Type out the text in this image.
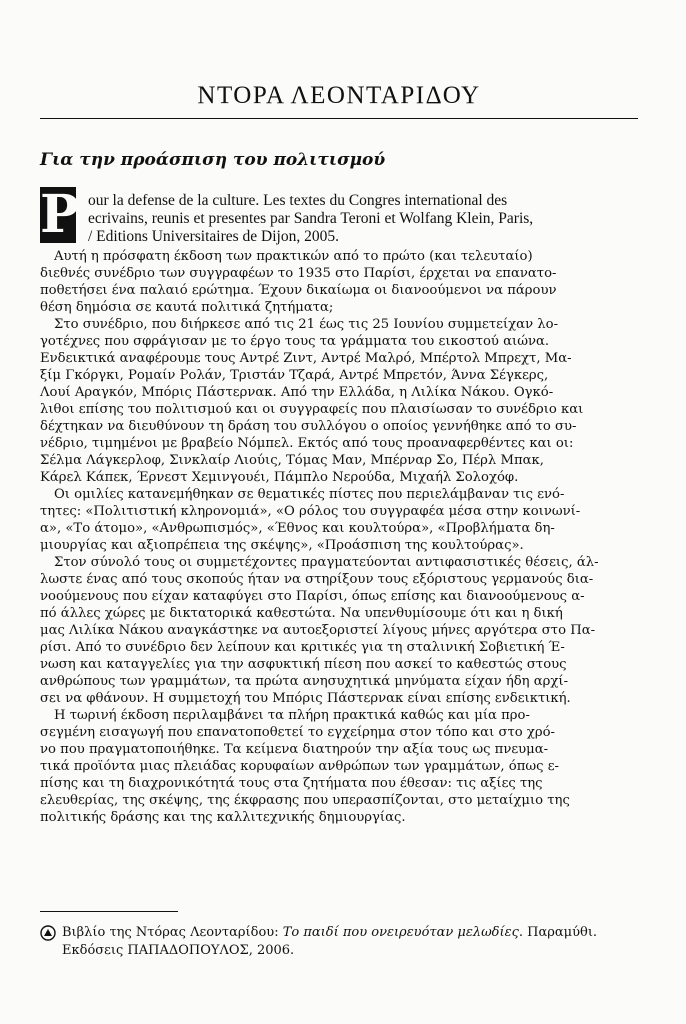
ΝΤΟΡΑ ΛΕΟΝΤΑΡΙΔΟΥ
Για την προάσπιση του πολιτισμού
P our la defense de la culture. Les textes du Congres international des
ecrivains, reunis et presentes par Sandra Teroni et Wolfang Klein, Paris,
/ Editions Universitaires de Dijon, 2005.
Αυτή η πρόσφατη έκδοση των πρακτικών από το πρώτο (και τελευταίο)
διεθνές συνέδριο των συγγραφέων το 1935 στο Παρίσι, έρχεται να επανατο-
ποθετήσει ένα παλαιό ερώτημα. Έχουν δικαίωμα οι διανοούμενοι να πάρουν
θέση δημόσια σε καυτά πολιτικά ζητήματα;
Στο συνέδριο, που διήρκεσε από τις 21 έως τις 25 Ιουνίου συμμετείχαν λο-
γοτέχνες που σφράγισαν με το έργο τους τα γράμματα του εικοστού αιώνα.
Ενδεικτικά αναφέρουμε τους Αντρέ Ζιντ, Αντρέ Μαλρό, Μπέρτολ Μπρεχτ, Μα-
ξίμ Γκόργκι, Ρομαίν Ρολάν, Τριστάν Τζαρά, Αντρέ Μπρετόν, Άννα Σέγκερς,
Λουί Αραγκόν, Μπόρις Πάστερνακ. Από την Ελλάδα, η Λιλίκα Νάκου. Ογκό-
λιθοι επίσης του πολιτισμού και οι συγγραφείς που πλαισίωσαν το συνέδριο και
δέχτηκαν να διευθύνουν τη δράση του συλλόγου ο οποίος γεννήθηκε από το συ-
νέδριο, τιμημένοι με βραβείο Νόμπελ. Εκτός από τους προαναφερθέντες και οι:
Σέλμα Λάγκερλοφ, Σινκλαίρ Λιούις, Τόμας Μαν, Μπέρναρ Σο, Πέρλ Μπακ,
Κάρελ Κάπεκ, Έρνεστ Χεμινγουέι, Πάμπλο Νερούδα, Μιχαήλ Σολοχόφ.
Οι ομιλίες κατανεμήθηκαν σε θεματικές πίστες που περιελάμβαναν τις ενό-
τητες: «Πολιτιστική κληρονομιά», «Ο ρόλος του συγγραφέα μέσα στην κοινωνί-
α», «Το άτομο», «Ανθρωπισμός», «Έθνος και κουλτούρα», «Προβλήματα δη-
μιουργίας και αξιοπρέπεια της σκέψης», «Προάσπιση της κουλτούρας».
Στον σύνολό τους οι συμμετέχοντες πραγματεύονται αντιφασιστικές θέσεις, άλ-
λωστε ένας από τους σκοπούς ήταν να στηρίξουν τους εξόριστους γερμανούς δια-
νοούμενους που είχαν καταφύγει στο Παρίσι, όπως επίσης και διανοούμενους α-
πό άλλες χώρες με δικτατορικά καθεστώτα. Να υπενθυμίσουμε ότι και η δική
μας Λιλίκα Νάκου αναγκάστηκε να αυτοεξοριστεί λίγους μήνες αργότερα στο Πα-
ρίσι. Από το συνέδριο δεν λείπουν και κριτικές για τη σταλινική Σοβιετική Έ-
νωση και καταγγελίες για την ασφυκτική πίεση που ασκεί το καθεστώς στους
ανθρώπους των γραμμάτων, τα πρώτα ανησυχητικά μηνύματα είχαν ήδη αρχί-
σει να φθάνουν. Η συμμετοχή του Μπόρις Πάστερνακ είναι επίσης ενδεικτική.
Η τωρινή έκδοση περιλαμβάνει τα πλήρη πρακτικά καθώς και μία προ-
σεγμένη εισαγωγή που επανατοποθετεί το εγχείρημα στον τόπο και στο χρό-
νο που πραγματοποιήθηκε. Τα κείμενα διατηρούν την αξία τους ως πνευμα-
τικά προϊόντα μιας πλειάδας κορυφαίων ανθρώπων των γραμμάτων, όπως ε-
πίσης και τη διαχρονικότητά τους στα ζητήματα που έθεσαν: τις αξίες της
ελευθερίας, της σκέψης, της έκφρασης που υπερασπίζονται, στο μεταίχμιο της
πολιτικής δράσης και της καλλιτεχνικής δημιουργίας.
Βιβλίο της Ντόρας Λεονταρίδου: Το παιδί που ονειρευόταν μελωδίες. Παραμύθι.
Εκδόσεις ΠΑΠΑΔΟΠΟΥΛΟΣ, 2006.
